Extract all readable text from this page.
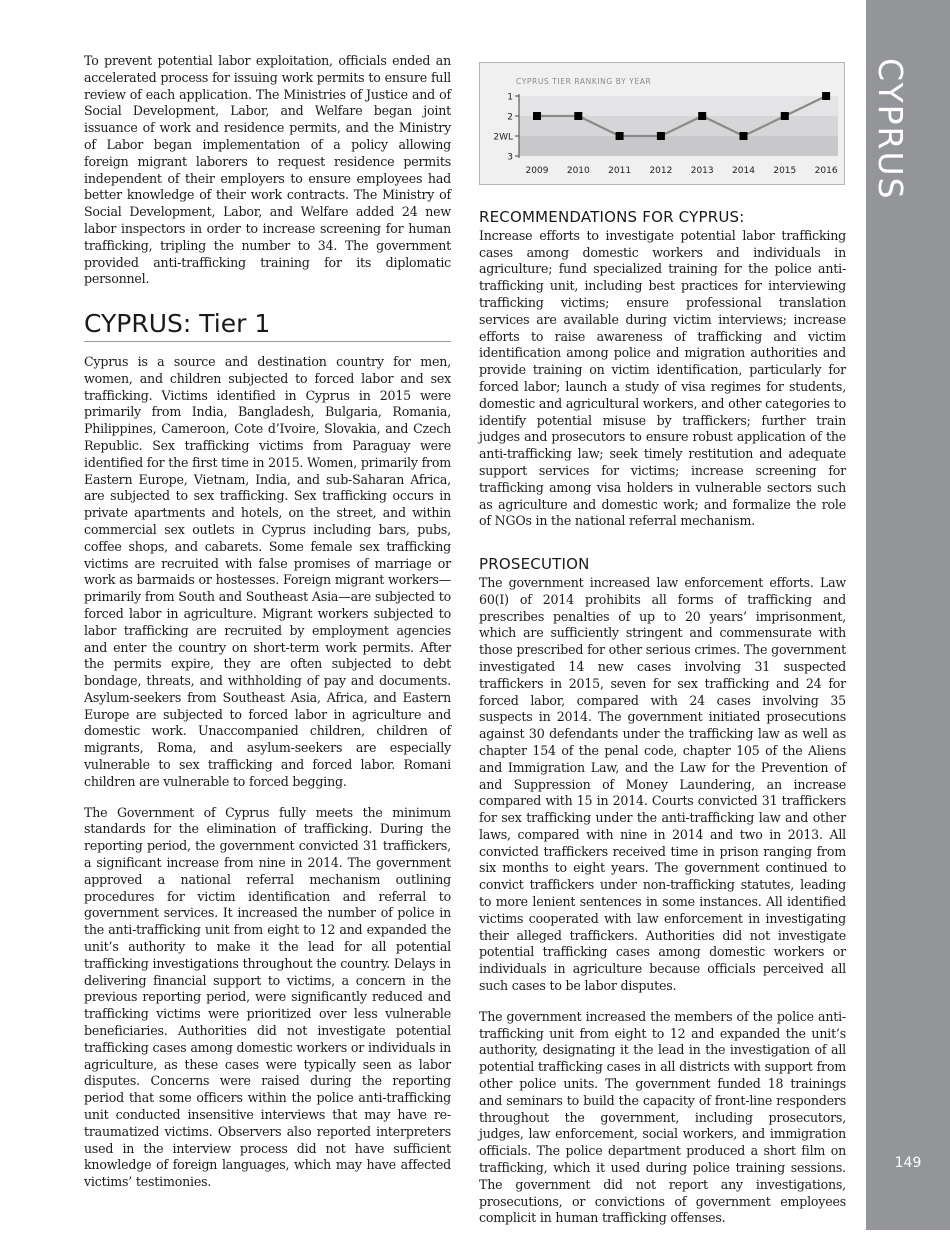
To prevent potential labor exploitation, officials ended an accelerated process for issuing work permits to ensure full review of each application. The Ministries of Justice and of Social Development, Labor, and Welfare began joint issuance of work and residence permits, and the Ministry of Labor began implementation of a policy allowing foreign migrant laborers to request residence permits independent of their employers to ensure employees had better knowledge of their work contracts. The Ministry of Social Development, Labor, and Welfare added 24 new labor inspectors in order to increase screening for human trafficking, tripling the number to 34. The government provided anti-trafficking training for its diplomatic personnel.

CYPRUS: Tier 1

Cyprus is a source and destination country for men, women, and children subjected to forced labor and sex trafficking. Victims identified in Cyprus in 2015 were primarily from India, Bangladesh, Bulgaria, Romania, Philippines, Cameroon, Cote d’Ivoire, Slovakia, and Czech Republic. Sex trafficking victims from Paraguay were identified for the first time in 2015. Women, primarily from Eastern Europe, Vietnam, India, and sub-Saharan Africa, are subjected to sex trafficking. Sex trafficking occurs in private apartments and hotels, on the street, and within commercial sex outlets in Cyprus including bars, pubs, coffee shops, and cabarets. Some female sex trafficking victims are recruited with false promises of marriage or work as barmaids or hostesses. Foreign migrant workers—primarily from South and Southeast Asia—are subjected to forced labor in agriculture. Migrant workers subjected to labor trafficking are recruited by employment agencies and enter the country on short-term work permits. After the permits expire, they are often subjected to debt bondage, threats, and withholding of pay and documents. Asylum-seekers from Southeast Asia, Africa, and Eastern Europe are subjected to forced labor in agriculture and domestic work. Unaccompanied children, children of migrants, Roma, and asylum-seekers are especially vulnerable to sex trafficking and forced labor. Romani children are vulnerable to forced begging.

The Government of Cyprus fully meets the minimum standards for the elimination of trafficking. During the reporting period, the government convicted 31 traffickers, a significant increase from nine in 2014. The government approved a national referral mechanism outlining procedures for victim identification and referral to government services. It increased the number of police in the anti-trafficking unit from eight to 12 and expanded the unit’s authority to make it the lead for all potential trafficking investigations throughout the country. Delays in delivering financial support to victims, a concern in the previous reporting period, were significantly reduced and trafficking victims were prioritized over less vulnerable beneficiaries. Authorities did not investigate potential trafficking cases among domestic workers or individuals in agriculture, as these cases were typically seen as labor disputes. Concerns were raised during the reporting period that some officers within the police anti-trafficking unit conducted insensitive interviews that may have re-traumatized victims. Observers also reported interpreters used in the interview process did not have sufficient knowledge of foreign languages, which may have affected victims’ testimonies.

CYPRUS TIER RANKING BY YEAR
1
2
2WL
3
2009 2010 2011 2012 2013 2014 2015 2016
RECOMMENDATIONS FOR CYPRUS:

Increase efforts to investigate potential labor trafficking cases among domestic workers and individuals in agriculture; fund specialized training for the police anti-trafficking unit, including best practices for interviewing trafficking victims; ensure professional translation services are available during victim interviews; increase efforts to raise awareness of trafficking and victim identification among police and migration authorities and provide training on victim identification, particularly for forced labor; launch a study of visa regimes for students, domestic and agricultural workers, and other categories to identify potential misuse by traffickers; further train judges and prosecutors to ensure robust application of the anti-trafficking law; seek timely restitution and adequate support services for victims; increase screening for trafficking among visa holders in vulnerable sectors such as agriculture and domestic work; and formalize the role of NGOs in the national referral mechanism.

PROSECUTION

The government increased law enforcement efforts. Law 60(I) of 2014 prohibits all forms of trafficking and prescribes penalties of up to 20 years’ imprisonment, which are sufficiently stringent and commensurate with those prescribed for other serious crimes. The government investigated 14 new cases involving 31 suspected traffickers in 2015, seven for sex trafficking and 24 for forced labor, compared with 24 cases involving 35 suspects in 2014. The government initiated prosecutions against 30 defendants under the trafficking law as well as chapter 154 of the penal code, chapter 105 of the Aliens and Immigration Law, and the Law for the Prevention of and Suppression of Money Laundering, an increase compared with 15 in 2014. Courts convicted 31 traffickers for sex trafficking under the anti-trafficking law and other laws, compared with nine in 2014 and two in 2013. All convicted traffickers received time in prison ranging from six months to eight years. The government continued to convict traffickers under non-trafficking statutes, leading to more lenient sentences in some instances. All identified victims cooperated with law enforcement in investigating their alleged traffickers. Authorities did not investigate potential trafficking cases among domestic workers or individuals in agriculture because officials perceived all such cases to be labor disputes.

The government increased the members of the police anti-trafficking unit from eight to 12 and expanded the unit’s authority, designating it the lead in the investigation of all potential trafficking cases in all districts with support from other police units. The government funded 18 trainings and seminars to build the capacity of front-line responders throughout the government, including prosecutors, judges, law enforcement, social workers, and immigration officials. The police department produced a short film on trafficking, which it used during police training sessions. The government did not report any investigations, prosecutions, or convictions of government employees complicit in human trafficking offenses.

CYPRUS
149
